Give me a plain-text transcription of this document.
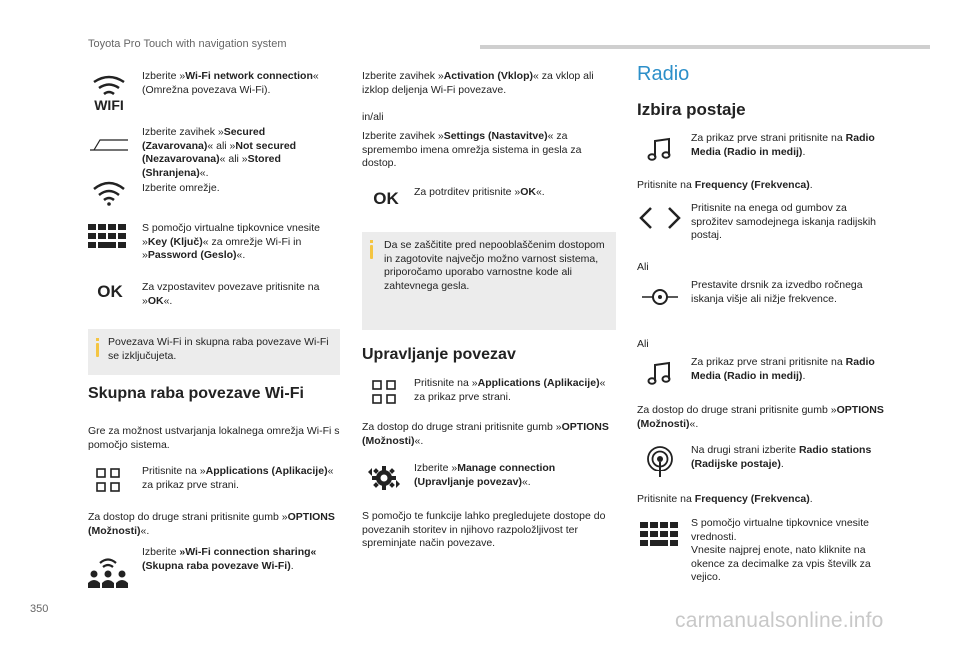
Toyota Pro Touch with navigation system
WIFI
Izberite »Wi-Fi network connection« (Omrežna povezava Wi-Fi).
Izberite zavihek »Secured (Zavarovana)« ali »Not secured (Nezavarovana)« ali »Stored (Shranjena)«.
Izberite omrežje.
S pomočjo virtualne tipkovnice vnesite »Key (Ključ)« za omrežje Wi-Fi in »Password (Geslo)«.
OK	Za vzpostavitev povezave pritisnite na »OK«.
Povezava Wi-Fi in skupna raba povezave Wi-Fi se izključujeta.
Skupna raba povezave Wi-Fi
Gre za možnost ustvarjanja lokalnega omrežja Wi-Fi s pomočjo sistema.
Pritisnite na »Applications (Aplikacije)« za prikaz prve strani.
Za dostop do druge strani pritisnite gumb »OPTIONS (Možnosti)«.
Izberite »Wi-Fi connection sharing« (Skupna raba povezave Wi-Fi).
Izberite zavihek »Activation (Vklop)« za vklop ali izklop deljenja Wi-Fi povezave.
in/ali
Izberite zavihek »Settings (Nastavitve)« za spremembo imena omrežja sistema in gesla za dostop.
OK	Za potrditev pritisnite »OK«.
Da se zaščitite pred nepooblaščenim dostopom in zagotovite največjo možno varnost sistema, priporočamo uporabo varnostne kode ali zahtevnega gesla.
Upravljanje povezav
Pritisnite na »Applications (Aplikacije)« za prikaz prve strani.
Za dostop do druge strani pritisnite gumb »OPTIONS (Možnosti)«.
Izberite »Manage connection (Upravljanje povezav)«.
S pomočjo te funkcije lahko pregledujete dostope do povezanih storitev in njihovo razpoložljivost ter spreminjate način povezave.
Radio
Izbira postaje
Za prikaz prve strani pritisnite na Radio Media (Radio in medij).
Pritisnite na Frequency (Frekvenca).
Pritisnite na enega od gumbov za sprožitev samodejnega iskanja radijskih postaj.
Ali
Prestavite drsnik za izvedbo ročnega iskanja višje ali nižje frekvence.
Ali
Za prikaz prve strani pritisnite na Radio Media (Radio in medij).
Za dostop do druge strani pritisnite gumb »OPTIONS (Možnosti)«.
Na drugi strani izberite Radio stations (Radijske postaje).
Pritisnite na Frequency (Frekvenca).
S pomočjo virtualne tipkovnice vnesite vrednosti.
Vnesite najprej enote, nato kliknite na okence za decimalke za vpis številk za vejico.
350	carmanualsonline.info
